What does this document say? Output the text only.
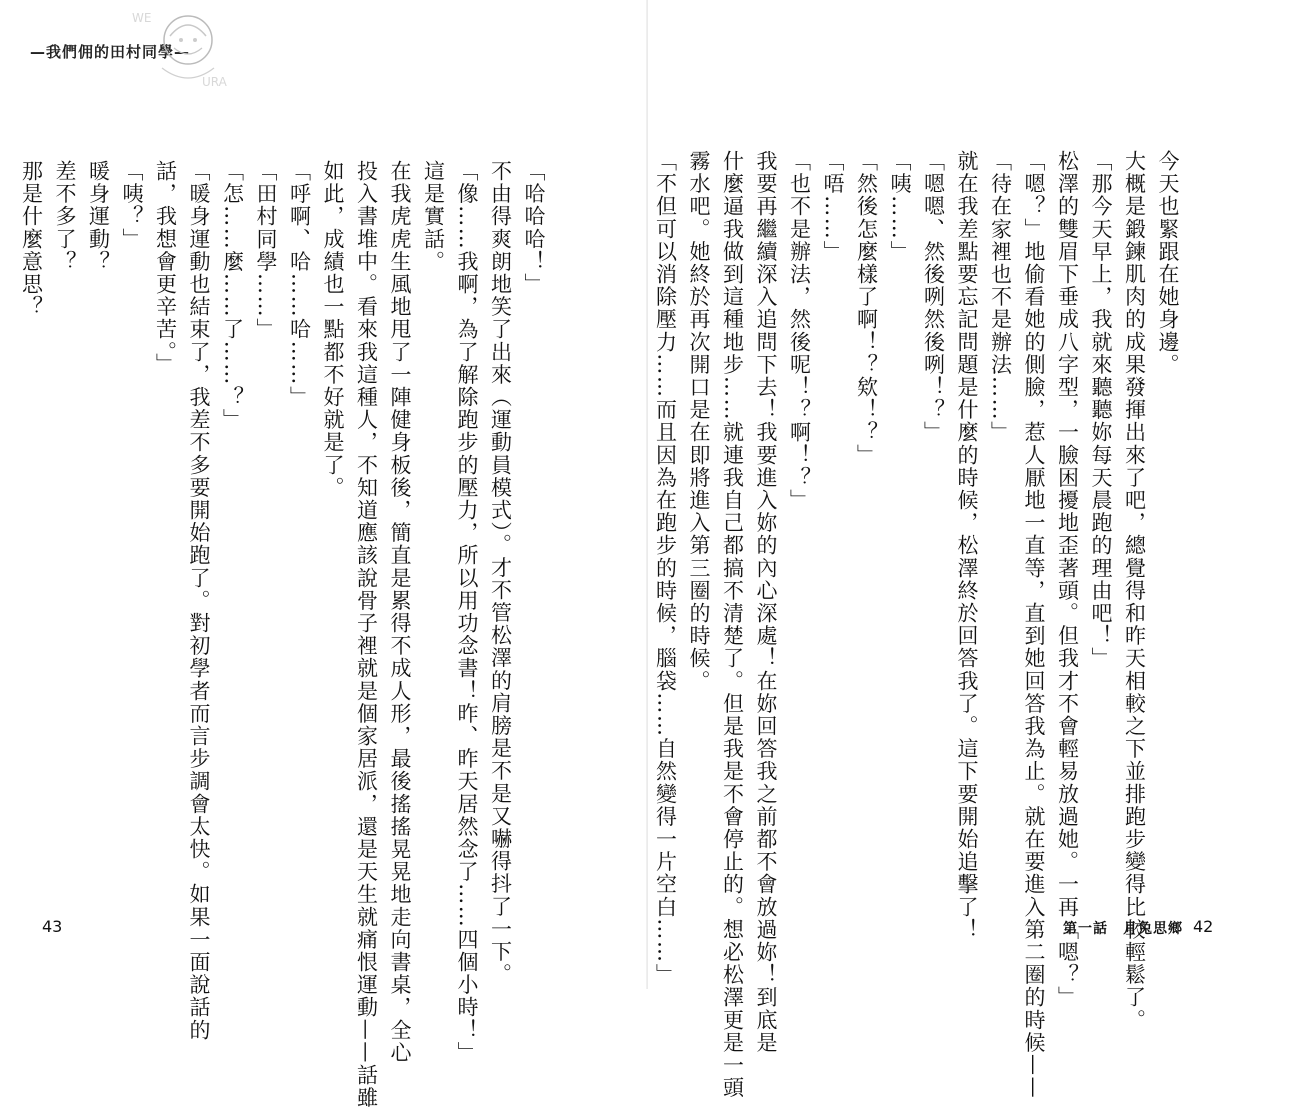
—我們佣的田村同學—
WE
URA
「哈哈哈！」
不由得爽朗地笑了出來（運動員模式）。才不管松澤的肩膀是不是又嚇得抖了一下。
「像……我啊，為了解除跑步的壓力，所以用功念書！昨、昨天居然念了……四個小時！」
這是實話。
在我虎虎生風地甩了一陣健身板後，簡直是累得不成人形，最後搖搖晃晃地走向書桌，全心
投入書堆中。看來我這種人，不知道應該說骨子裡就是個家居派，還是天生就痛恨運動——話雖
如此，成績也一點都不好就是了。
「呼啊、哈……哈……」
「田村同學……」
「怎……麼……了……？」
「暖身運動也結束了，我差不多要開始跑了。對初學者而言步調會太快。如果一面說話的
話，我想會更辛苦。」
「咦？」
暖身運動？
差不多了？
那是什麼意思？
43
今天也緊跟在她身邊。
大概是鍛鍊肌肉的成果發揮出來了吧，總覺得和昨天相較之下並排跑步變得比較輕鬆了。
「那今天早上，我就來聽聽妳每天晨跑的理由吧！」
松澤的雙眉下垂成八字型，一臉困擾地歪著頭。但我才不會輕易放過她。一再「嗯？」
「嗯？」地偷看她的側臉，惹人厭地一直等，直到她回答我為止。就在要進入第二圈的時候——
「待在家裡也不是辦法……」
就在我差點要忘記問題是什麼的時候，松澤終於回答我了。這下要開始追擊了！
「嗯嗯、然後咧然後咧！？」
「咦……」
「然後怎麼樣了啊！？欸！？」
「唔……」
「也不是辦法，然後呢！？啊！？」
我要再繼續深入追問下去！我要進入妳的內心深處！在妳回答我之前都不會放過妳！到底是
什麼逼我做到這種地步……就連我自己都搞不清楚了。但是我是不會停止的。想必松澤更是一頭
霧水吧。她終於再次開口是在即將進入第三圈的時候。
「不但可以消除壓力……而且因為在跑步的時候，腦袋……自然變得一片空白……」	第一話　月兔思鄉 42
